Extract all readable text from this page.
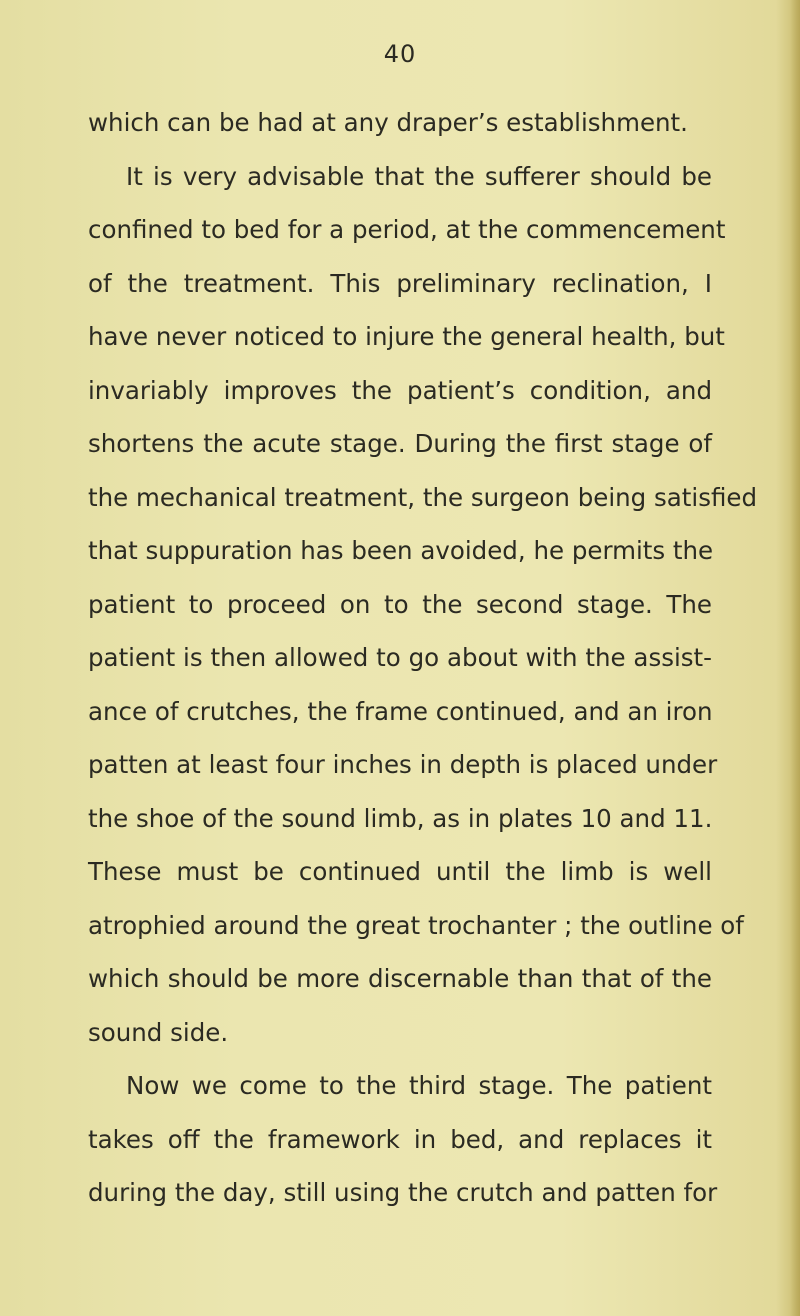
40
which can be had at any draper’s establishment.
It is very advisable that the sufferer should be
confined to bed for a period, at the commencement
of the treatment. This preliminary reclination, I
have never noticed to injure the general health, but
invariably improves the patient’s condition, and
shortens the acute stage. During the first stage of
the mechanical treatment, the surgeon being satisfied
that suppuration has been avoided, he permits the
patient to proceed on to the second stage. The
patient is then allowed to go about with the assist-
ance of crutches, the frame continued, and an iron
patten at least four inches in depth is placed under
the shoe of the sound limb, as in plates 10 and 11.
These must be continued until the limb is well
atrophied around the great trochanter ; the outline of
which should be more discernable than that of the
sound side.
Now we come to the third stage. The patient
takes off the framework in bed, and replaces it
during the day, still using the crutch and patten for
